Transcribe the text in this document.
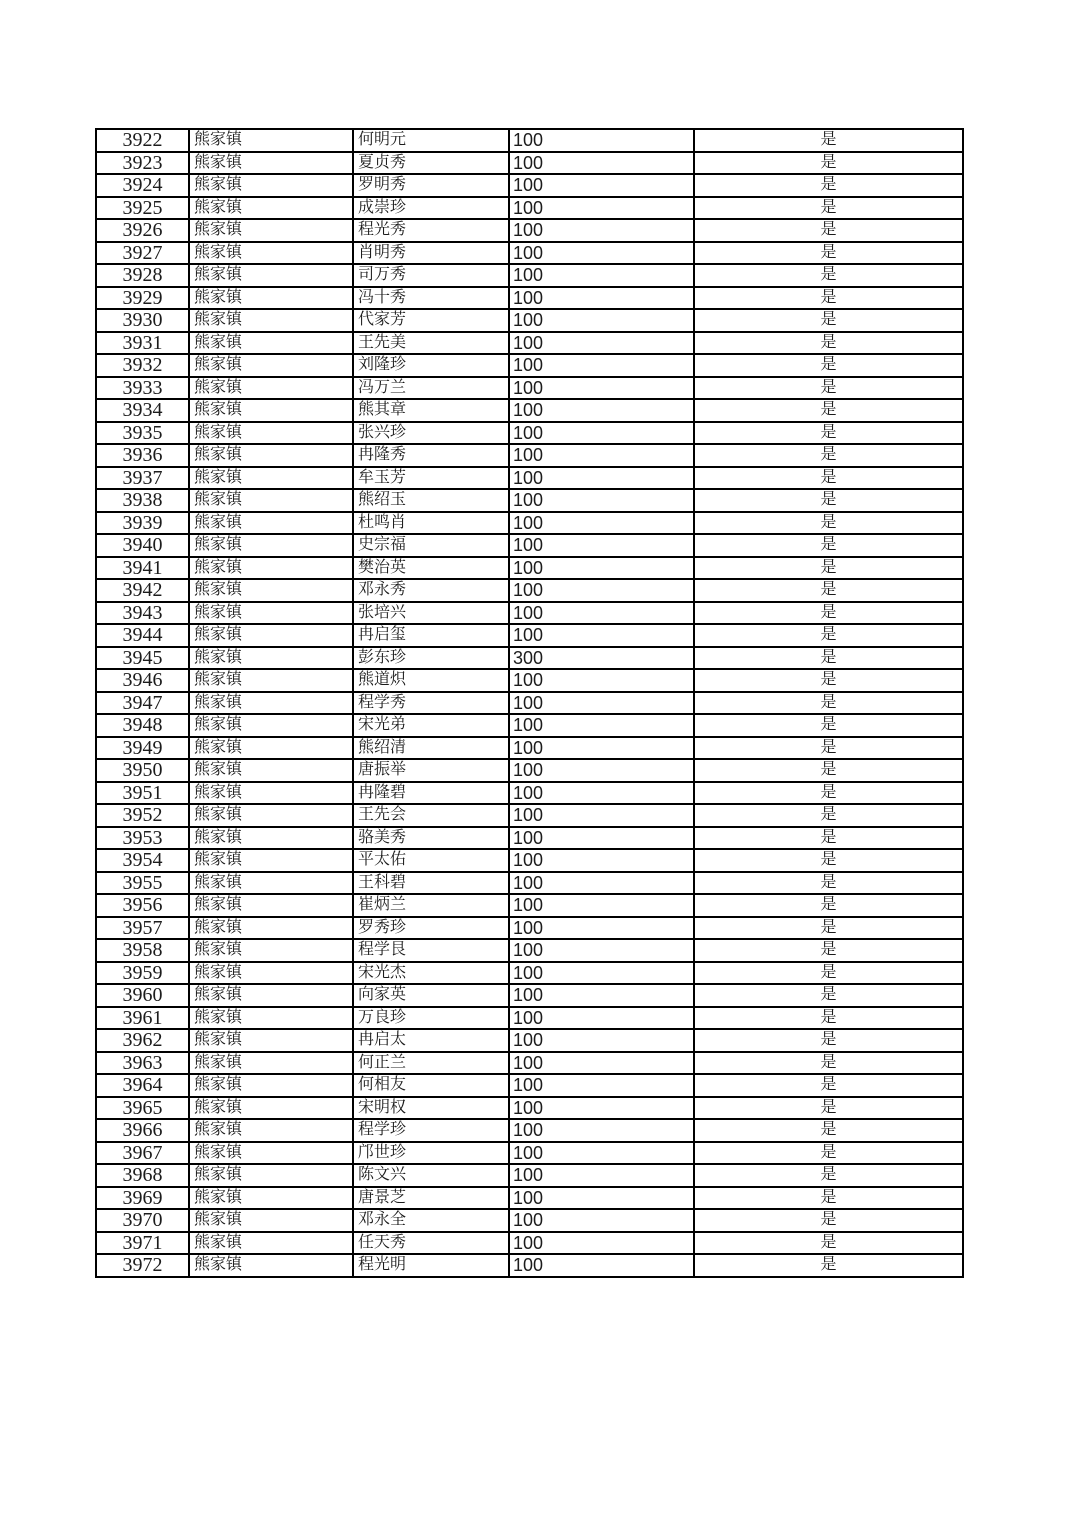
3922	熊家镇	何明元	100	是
3923	熊家镇	夏贞秀	100	是
3924	熊家镇	罗明秀	100	是
3925	熊家镇	成崇珍	100	是
3926	熊家镇	程光秀	100	是
3927	熊家镇	肖明秀	100	是
3928	熊家镇	司万秀	100	是
3929	熊家镇	冯十秀	100	是
3930	熊家镇	代家芳	100	是
3931	熊家镇	王先美	100	是
3932	熊家镇	刘隆珍	100	是
3933	熊家镇	冯万兰	100	是
3934	熊家镇	熊其章	100	是
3935	熊家镇	张兴珍	100	是
3936	熊家镇	冉隆秀	100	是
3937	熊家镇	牟玉芳	100	是
3938	熊家镇	熊绍玉	100	是
3939	熊家镇	杜鸣肖	100	是
3940	熊家镇	史宗福	100	是
3941	熊家镇	樊治英	100	是
3942	熊家镇	邓永秀	100	是
3943	熊家镇	张培兴	100	是
3944	熊家镇	冉启玺	100	是
3945	熊家镇	彭东珍	300	是
3946	熊家镇	熊道炽	100	是
3947	熊家镇	程学秀	100	是
3948	熊家镇	宋光弟	100	是
3949	熊家镇	熊绍清	100	是
3950	熊家镇	唐振举	100	是
3951	熊家镇	冉隆碧	100	是
3952	熊家镇	王先会	100	是
3953	熊家镇	骆美秀	100	是
3954	熊家镇	平太佑	100	是
3955	熊家镇	王科碧	100	是
3956	熊家镇	崔炳兰	100	是
3957	熊家镇	罗秀珍	100	是
3958	熊家镇	程学艮	100	是
3959	熊家镇	宋光杰	100	是
3960	熊家镇	向家英	100	是
3961	熊家镇	万良珍	100	是
3962	熊家镇	冉启太	100	是
3963	熊家镇	何正兰	100	是
3964	熊家镇	何相友	100	是
3965	熊家镇	宋明权	100	是
3966	熊家镇	程学珍	100	是
3967	熊家镇	邝世珍	100	是
3968	熊家镇	陈文兴	100	是
3969	熊家镇	唐景芝	100	是
3970	熊家镇	邓永全	100	是
3971	熊家镇	任天秀	100	是
3972	熊家镇	程光明	100	是
